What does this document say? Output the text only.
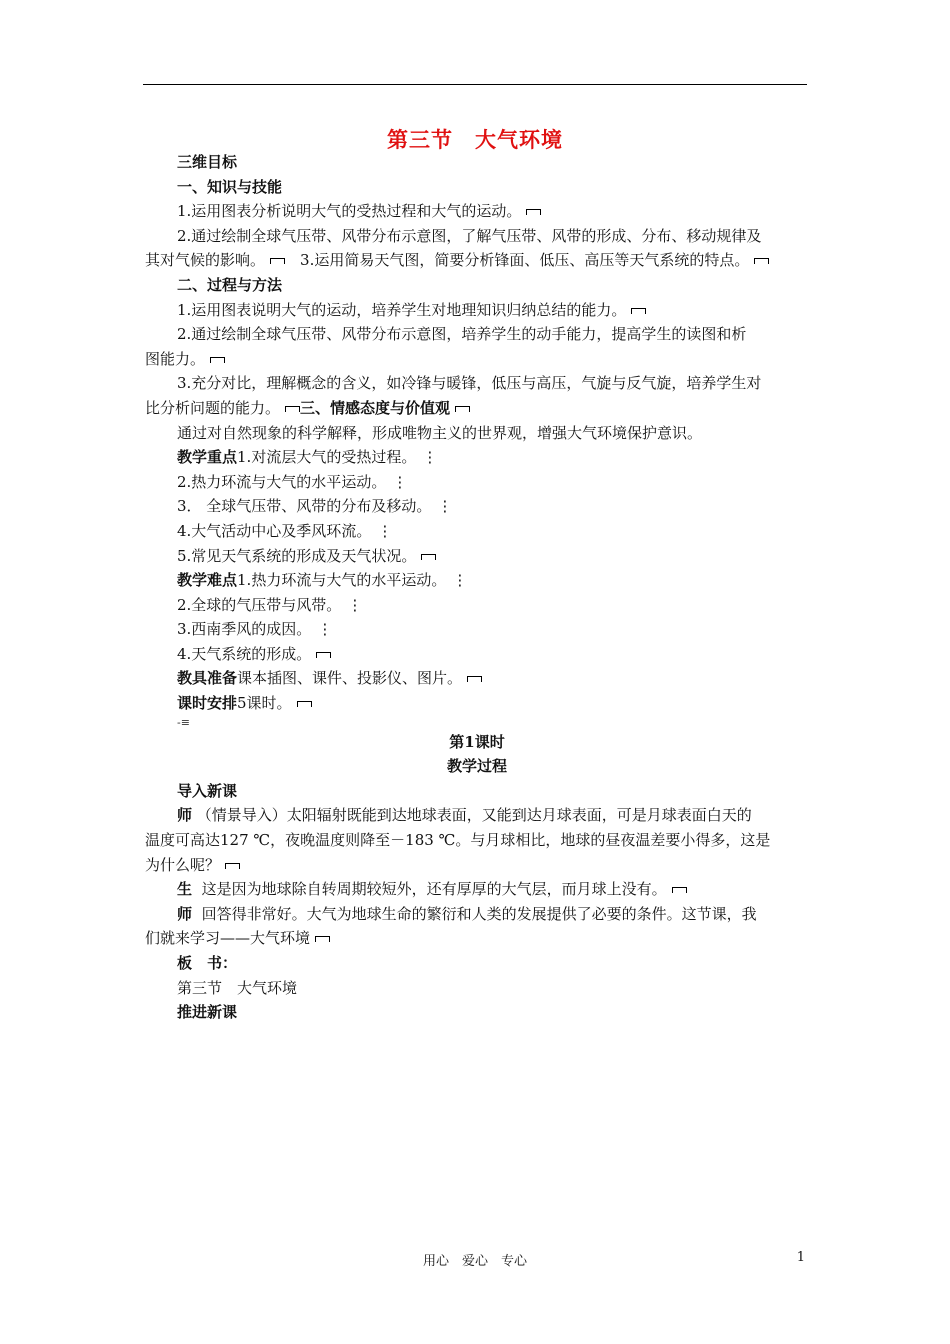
第三节　大气环境
三维目标
一、知识与技能
1.运用图表分析说明大气的受热过程和大气的运动。
2.通过绘制全球气压带、风带分布示意图，了解气压带、风带的形成、分布、移动规律及
其对气候的影响。　 3.运用简易天气图，简要分析锋面、低压、高压等天气系统的特点。
二、过程与方法
1.运用图表说明大气的运动，培养学生对地理知识归纳总结的能力。
2.通过绘制全球气压带、风带分布示意图，培养学生的动手能力，提高学生的读图和析
图能力。
3.充分对比，理解概念的含义，如冷锋与暖锋，低压与高压，气旋与反气旋，培养学生对
比分析问题的能力。 三、情感态度与价值观
通过对自然现象的科学解释，形成唯物主义的世界观，增强大气环境保护意识。
教学重点1.对流层大气的受热过程。 ⋮
2.热力环流与大气的水平运动。 ⋮
3． 全球气压带、风带的分布及移动。 ⋮
4.大气活动中心及季风环流。 ⋮
5.常见天气系统的形成及天气状况。
教学难点1.热力环流与大气的水平运动。 ⋮
2.全球的气压带与风带。 ⋮
3.西南季风的成因。 ⋮
4.天气系统的形成。
教具准备课本插图、课件、投影仪、图片。
课时安排5课时。
-≡
第1课时
教学过程
导入新课
师 （情景导入）太阳辐射既能到达地球表面，又能到达月球表面，可是月球表面白天的
温度可高达127 ℃，夜晚温度则降至－183 ℃。与月球相比，地球的昼夜温差要小得多，这是
为什么呢？
生 这是因为地球除自转周期较短外，还有厚厚的大气层，而月球上没有。
师 回答得非常好。大气为地球生命的繁衍和人类的发展提供了必要的条件。这节课，我
们就来学习——大气环境
板　书：
第三节　大气环境
推进新课
用心　爱心　专心	1
